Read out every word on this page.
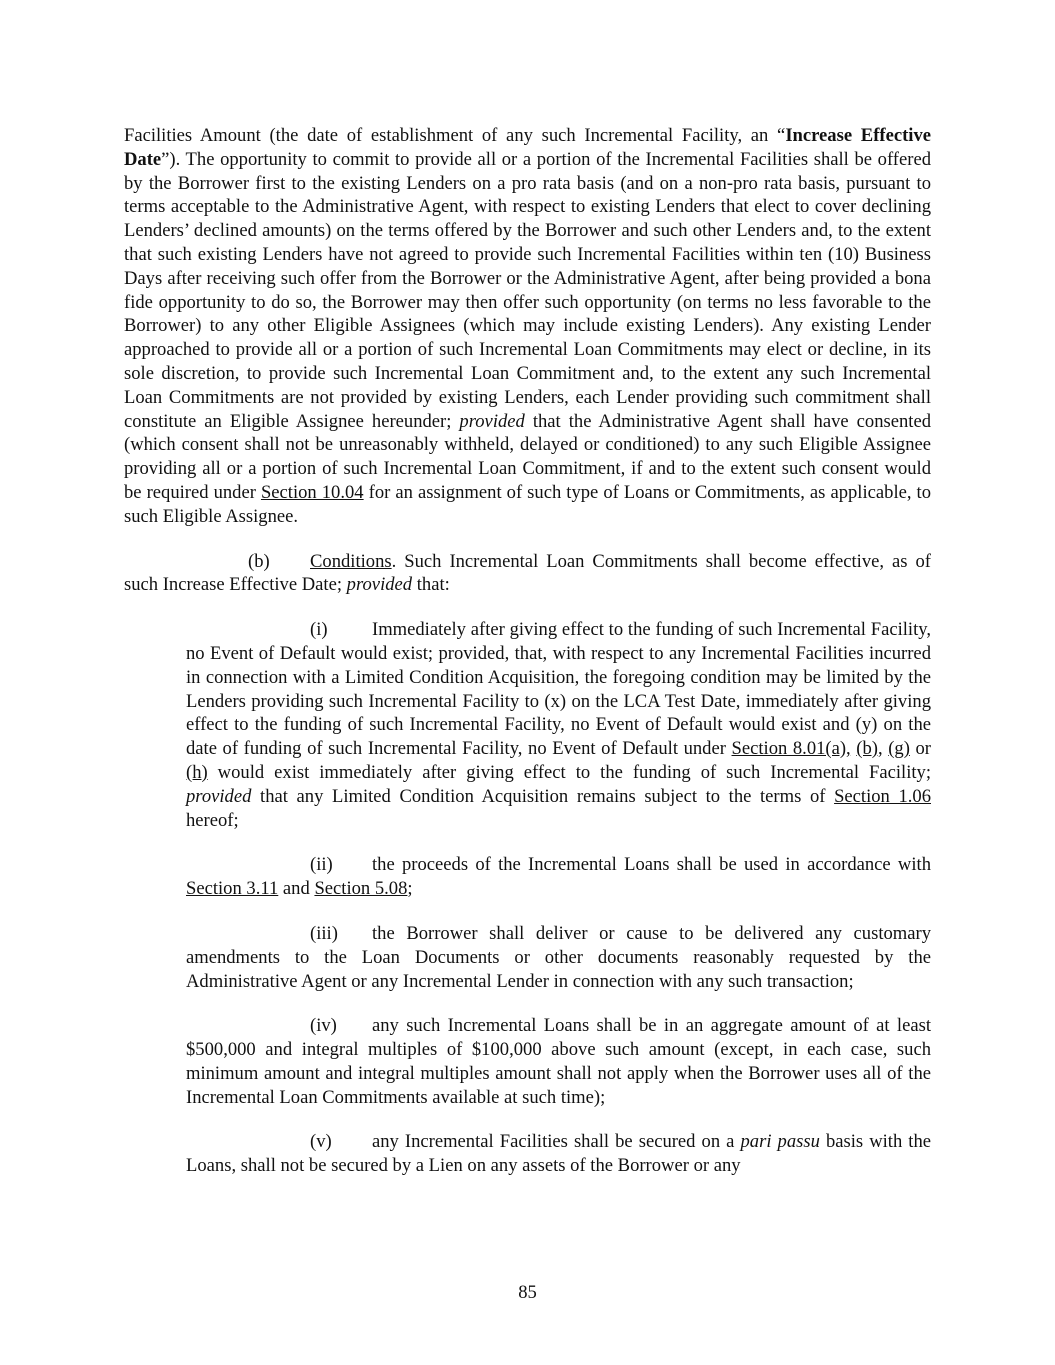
Facilities Amount (the date of establishment of any such Incremental Facility, an “Increase Effective Date”). The opportunity to commit to provide all or a portion of the Incremental Facilities shall be offered by the Borrower first to the existing Lenders on a pro rata basis (and on a non-pro rata basis, pursuant to terms acceptable to the Administrative Agent, with respect to existing Lenders that elect to cover declining Lenders’ declined amounts) on the terms offered by the Borrower and such other Lenders and, to the extent that such existing Lenders have not agreed to provide such Incremental Facilities within ten (10) Business Days after receiving such offer from the Borrower or the Administrative Agent, after being provided a bona fide opportunity to do so, the Borrower may then offer such opportunity (on terms no less favorable to the Borrower) to any other Eligible Assignees (which may include existing Lenders). Any existing Lender approached to provide all or a portion of such Incremental Loan Commitments may elect or decline, in its sole discretion, to provide such Incremental Loan Commitment and, to the extent any such Incremental Loan Commitments are not provided by existing Lenders, each Lender providing such commitment shall constitute an Eligible Assignee hereunder; provided that the Administrative Agent shall have consented (which consent shall not be unreasonably withheld, delayed or conditioned) to any such Eligible Assignee providing all or a portion of such Incremental Loan Commitment, if and to the extent such consent would be required under Section 10.04 for an assignment of such type of Loans or Commitments, as applicable, to such Eligible Assignee.

(b) Conditions. Such Incremental Loan Commitments shall become effective, as of such Increase Effective Date; provided that:

(i) Immediately after giving effect to the funding of such Incremental Facility, no Event of Default would exist; provided, that, with respect to any Incremental Facilities incurred in connection with a Limited Condition Acquisition, the foregoing condition may be limited by the Lenders providing such Incremental Facility to (x) on the LCA Test Date, immediately after giving effect to the funding of such Incremental Facility, no Event of Default would exist and (y) on the date of funding of such Incremental Facility, no Event of Default under Section 8.01(a), (b), (g) or (h) would exist immediately after giving effect to the funding of such Incremental Facility; provided that any Limited Condition Acquisition remains subject to the terms of Section 1.06 hereof;

(ii) the proceeds of the Incremental Loans shall be used in accordance with Section 3.11 and Section 5.08;

(iii) the Borrower shall deliver or cause to be delivered any customary amendments to the Loan Documents or other documents reasonably requested by the Administrative Agent or any Incremental Lender in connection with any such transaction;

(iv) any such Incremental Loans shall be in an aggregate amount of at least $500,000 and integral multiples of $100,000 above such amount (except, in each case, such minimum amount and integral multiples amount shall not apply when the Borrower uses all of the Incremental Loan Commitments available at such time);

(v) any Incremental Facilities shall be secured on a pari passu basis with the Loans, shall not be secured by a Lien on any assets of the Borrower or any

85
